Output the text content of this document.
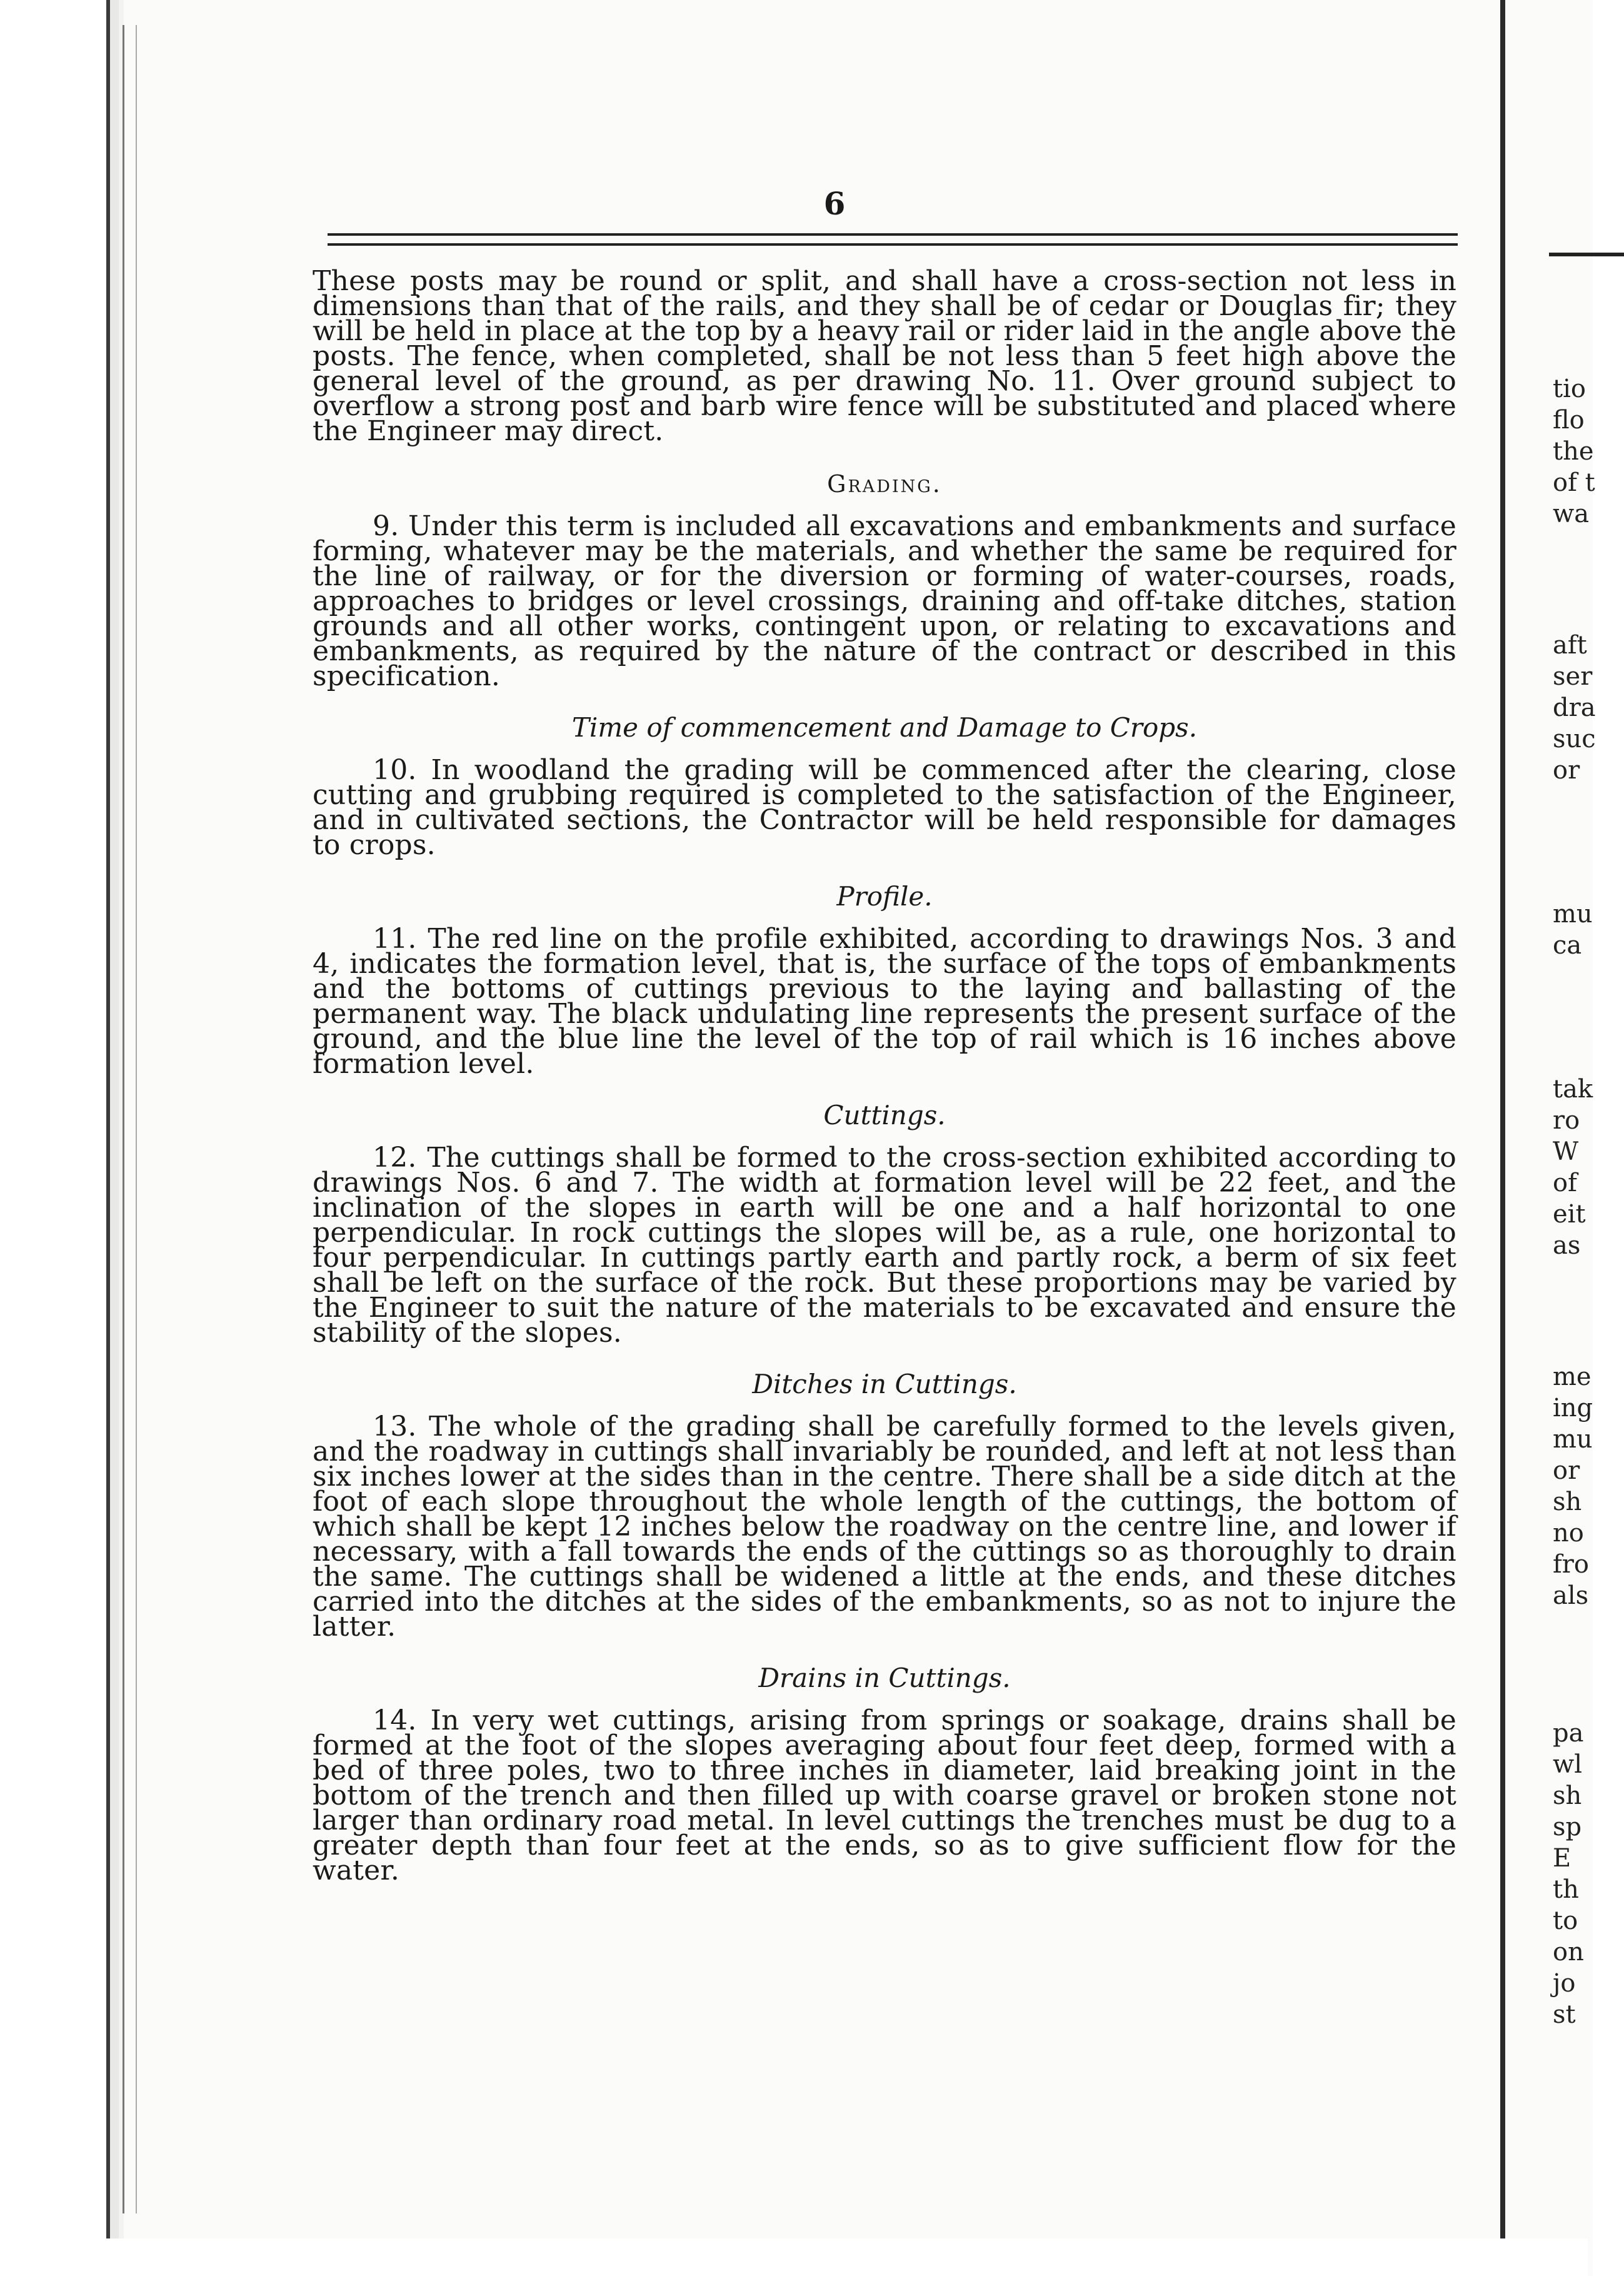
tio
flo
the
of t
wa
aft
ser
dra
suc
or
mu
ca
tak
ro
W
of
eit
as
me
ing
mu
or
sh
no
fro
als
pa
wl
sh
sp
E
th
to
on
jo
st
6

These posts may be round or split, and shall have a cross-section not less in dimensions than that of the rails, and they shall be of cedar or Douglas fir; they will be held in place at the top by a heavy rail or rider laid in the angle above the posts. The fence, when completed, shall be not less than 5 feet high above the general level of the ground, as per drawing No. 11. Over ground subject to overflow a strong post and barb wire fence will be substituted and placed where the Engineer may direct.

Grading.

9. Under this term is included all excavations and embankments and surface forming, whatever may be the materials, and whether the same be required for the line of railway, or for the diversion or forming of water-courses, roads, approaches to bridges or level crossings, draining and off-take ditches, station grounds and all other works, contingent upon, or relating to excavations and embankments, as required by the nature of the contract or described in this specification.

Time of commencement and Damage to Crops.

10. In woodland the grading will be commenced after the clearing, close cutting and grubbing required is completed to the satisfaction of the Engineer, and in cultivated sections, the Contractor will be held responsible for damages to crops.

Profile.

11. The red line on the profile exhibited, according to drawings Nos. 3 and 4, indicates the formation level, that is, the surface of the tops of embankments and the bottoms of cuttings previous to the laying and ballasting of the permanent way. The black undulating line represents the present surface of the ground, and the blue line the level of the top of rail which is 16 inches above formation level.

Cuttings.

12. The cuttings shall be formed to the cross-section exhibited according to drawings Nos. 6 and 7. The width at formation level will be 22 feet, and the inclination of the slopes in earth will be one and a half horizontal to one perpendicular. In rock cuttings the slopes will be, as a rule, one horizontal to four perpendicular. In cuttings partly earth and partly rock, a berm of six feet shall be left on the surface of the rock. But these proportions may be varied by the Engineer to suit the nature of the materials to be excavated and ensure the stability of the slopes.

Ditches in Cuttings.

13. The whole of the grading shall be carefully formed to the levels given, and the roadway in cuttings shall invariably be rounded, and left at not less than six inches lower at the sides than in the centre. There shall be a side ditch at the foot of each slope throughout the whole length of the cuttings, the bottom of which shall be kept 12 inches below the roadway on the centre line, and lower if necessary, with a fall towards the ends of the cuttings so as thoroughly to drain the same. The cuttings shall be widened a little at the ends, and these ditches carried into the ditches at the sides of the embankments, so as not to injure the latter.

Drains in Cuttings.

14. In very wet cuttings, arising from springs or soakage, drains shall be formed at the foot of the slopes averaging about four feet deep, formed with a bed of three poles, two to three inches in diameter, laid breaking joint in the bottom of the trench and then filled up with coarse gravel or broken stone not larger than ordinary road metal. In level cuttings the trenches must be dug to a greater depth than four feet at the ends, so as to give sufficient flow for the water.
